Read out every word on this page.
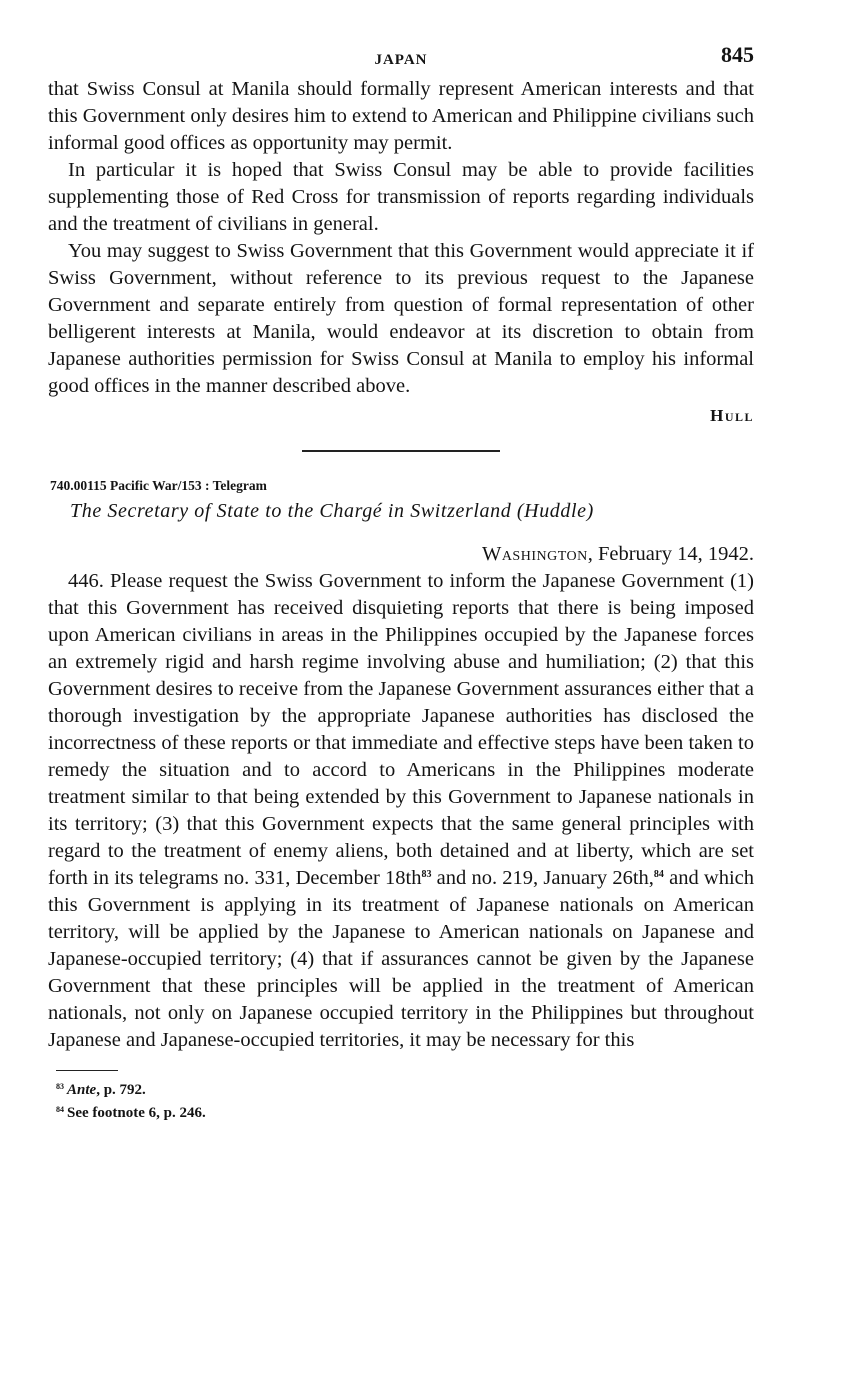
JAPAN	845

that Swiss Consul at Manila should formally represent American interests and that this Government only desires him to extend to American and Philippine civilians such informal good offices as opportunity may permit.

In particular it is hoped that Swiss Consul may be able to provide facilities supplementing those of Red Cross for transmission of reports regarding individuals and the treatment of civilians in general.

You may suggest to Swiss Government that this Government would appreciate it if Swiss Government, without reference to its previous request to the Japanese Government and separate entirely from question of formal representation of other belligerent interests at Manila, would endeavor at its discretion to obtain from Japanese authorities permission for Swiss Consul at Manila to employ his informal good offices in the manner described above.

Hull

740.00115 Pacific War/153 : Telegram

The Secretary of State to the Chargé in Switzerland (Huddle)

Washington, February 14, 1942.

446. Please request the Swiss Government to inform the Japanese Government (1) that this Government has received disquieting reports that there is being imposed upon American civilians in areas in the Philippines occupied by the Japanese forces an extremely rigid and harsh regime involving abuse and humiliation; (2) that this Government desires to receive from the Japanese Government assurances either that a thorough investigation by the appropriate Japanese authorities has disclosed the incorrectness of these reports or that immediate and effective steps have been taken to remedy the situation and to accord to Americans in the Philippines moderate treatment similar to that being extended by this Government to Japanese nationals in its territory; (3) that this Government expects that the same general principles with regard to the treatment of enemy aliens, both detained and at liberty, which are set forth in its telegrams no. 331, December $18th^{83}$ and no. 219, January 26th,$^{84}$ and which this Government is applying in its treatment of Japanese nationals on American territory, will be applied by the Japanese to American nationals on Japanese and Japanese-occupied territory; (4) that if assurances cannot be given by the Japanese Government that these principles will be applied in the treatment of American nationals, not only on Japanese occupied territory in the Philippines but throughout Japanese and Japanese-occupied territories, it may be necessary for this

$^{83}$ Ante, p. 792.

$^{84}$ See footnote 6, p. 246.
